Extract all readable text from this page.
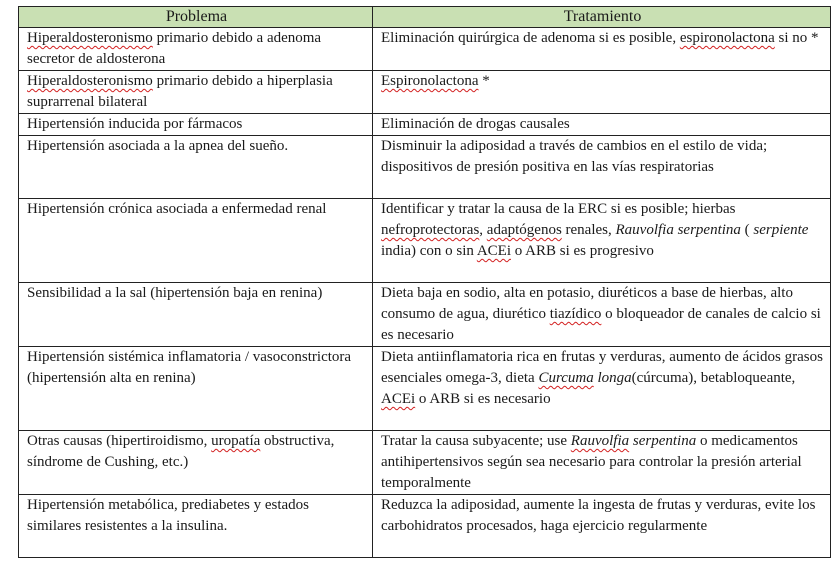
Problema	Tratamiento
Hiperaldosteronismo primario debido a adenoma secretor de aldosterona	Eliminación quirúrgica de adenoma si es posible, espironolactona si no *
Hiperaldosteronismo primario debido a hiperplasia suprarrenal bilateral	Espironolactona *
Hipertensión inducida por fármacos	Eliminación de drogas causales
Hipertensión asociada a la apnea del sueño.	Disminuir la adiposidad a través de cambios en el estilo de vida; dispositivos de presión positiva en las vías respiratorias
Hipertensión crónica asociada a enfermedad renal	Identificar y tratar la causa de la ERC si es posible; hierbas nefroprotectoras, adaptógenos renales, Rauvolfia serpentina ( serpiente india) con o sin ACEi o ARB si es progresivo
Sensibilidad a la sal (hipertensión baja en renina)	Dieta baja en sodio, alta en potasio, diuréticos a base de hierbas, alto consumo de agua, diurético tiazídico o bloqueador de canales de calcio si es necesario
Hipertensión sistémica inflamatoria / vasoconstrictora (hipertensión alta en renina)	Dieta antiinflamatoria rica en frutas y verduras, aumento de ácidos grasos esenciales omega-3, dieta Curcuma longa(cúrcuma), betabloqueante, ACEi o ARB si es necesario
Otras causas (hipertiroidismo, uropatía obstructiva, síndrome de Cushing, etc.)	Tratar la causa subyacente; use Rauvolfia serpentina o medicamentos antihipertensivos según sea necesario para controlar la presión arterial temporalmente
Hipertensión metabólica, prediabetes y estados similares resistentes a la insulina.	Reduzca la adiposidad, aumente la ingesta de frutas y verduras, evite los carbohidratos procesados, haga ejercicio regularmente
